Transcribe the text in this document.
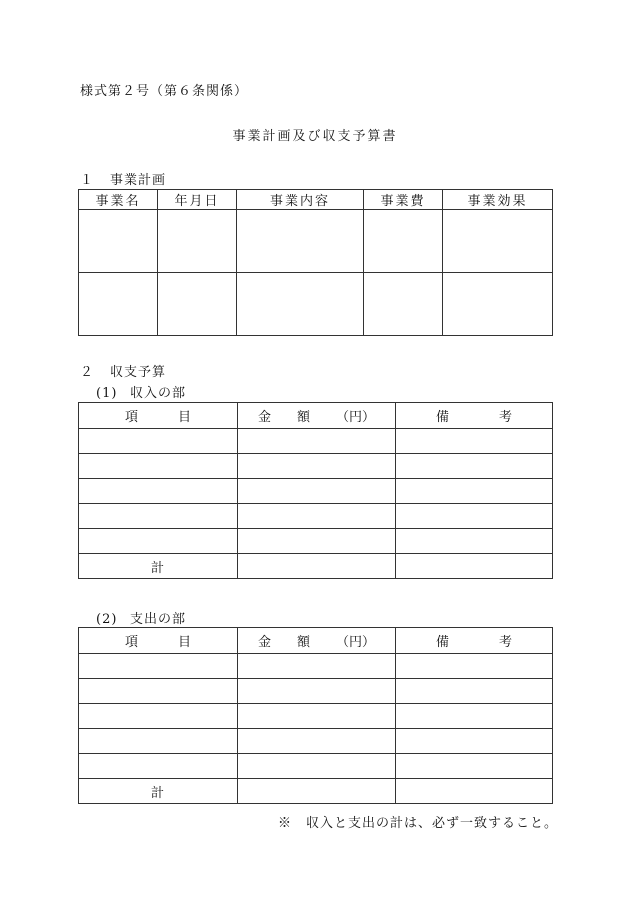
様式第２号（第６条関係）
事業計画及び収支予算書
１ 事業計画
事業名	年月日	事業内容	事業費	事業効果

２ 収支予算
(1) 収入の部
項 目	金 額 （円）	備 考

計		
(2) 支出の部
項 目	金 額 （円）	備 考

計		
※　収入と支出の計は、必ず一致すること。
